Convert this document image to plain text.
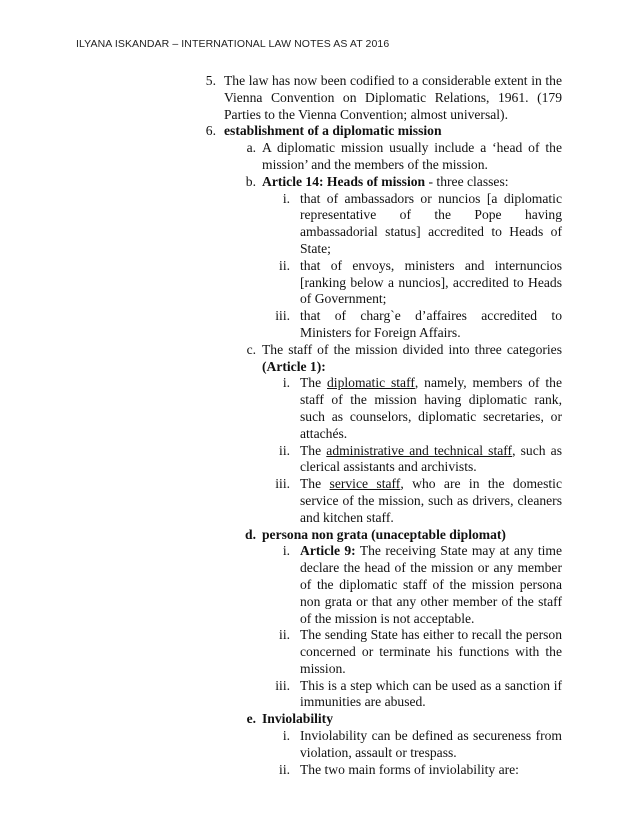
ILYANA ISKANDAR – INTERNATIONAL LAW NOTES AS AT 2016
5. The law has now been codified to a considerable extent in the Vienna Convention on Diplomatic Relations, 1961. (179 Parties to the Vienna Convention; almost universal).
6. establishment of a diplomatic mission
a. A diplomatic mission usually include a ‘head of the mission’ and the members of the mission.
b. Article 14: Heads of mission - three classes:
i. that of ambassadors or nuncios [a diplomatic representative of the Pope having ambassadorial status] accredited to Heads of State;
ii. that of envoys, ministers and internuncios [ranking below a nuncios], accredited to Heads of Government;
iii. that of charg`e d’affaires accredited to Ministers for Foreign Affairs.
c. The staff of the mission divided into three categories (Article 1):
i. The diplomatic staff, namely, members of the staff of the mission having diplomatic rank, such as counselors, diplomatic secretaries, or attachés.
ii. The administrative and technical staff, such as clerical assistants and archivists.
iii. The service staff, who are in the domestic service of the mission, such as drivers, cleaners and kitchen staff.
d. persona non grata (unaceptable diplomat)
i. Article 9: The receiving State may at any time declare the head of the mission or any member of the diplomatic staff of the mission persona non grata or that any other member of the staff of the mission is not acceptable.
ii. The sending State has either to recall the person concerned or terminate his functions with the mission.
iii. This is a step which can be used as a sanction if immunities are abused.
e. Inviolability
i. Inviolability can be defined as secureness from violation, assault or trespass.
ii. The two main forms of inviolability are:
